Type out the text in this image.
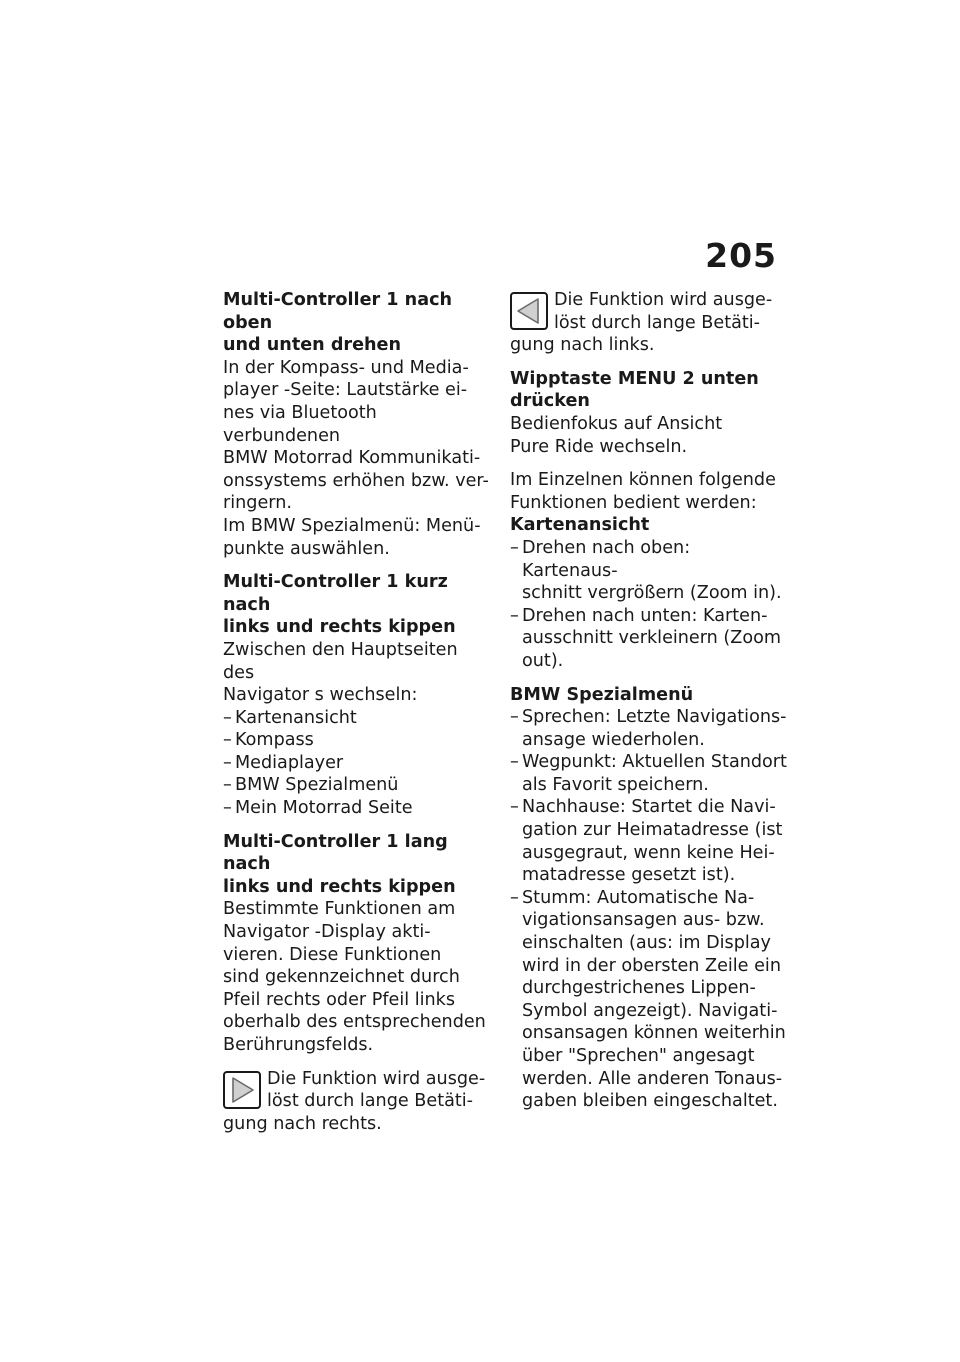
205
Multi-Controller 1 nach oben
und unten drehen

In der Kompass- und Media-
player -Seite: Lautstärke ei-
nes via Bluetooth verbundenen
BMW Motorrad Kommunikati-
onssystems erhöhen bzw. ver-
ringern.
Im BMW Spezialmenü: Menü-
punkte auswählen.

Multi-Controller 1 kurz nach
links und rechts kippen

Zwischen den Hauptseiten des
Navigator s wechseln:

– Kartenansicht
– Kompass
– Mediaplayer
– BMW Spezialmenü
– Mein Motorrad Seite
Multi-Controller 1 lang nach
links und rechts kippen

Bestimmte Funktionen am
Navigator -Display akti-
vieren. Diese Funktionen
sind gekennzeichnet durch
Pfeil rechts oder Pfeil links
oberhalb des entsprechenden
Berührungsfelds.

Die Funktion wird ausge-
löst durch lange Betäti-
gung nach rechts.
Die Funktion wird ausge-
löst durch lange Betäti-
gung nach links.
Wipptaste MENU 2 unten
drücken

Bedienfokus auf Ansicht
Pure Ride wechseln.

Im Einzelnen können folgende
Funktionen bedient werden:

Kartenansicht
– Drehen nach oben: Kartenaus-
schnitt vergrößern (Zoom in).
– Drehen nach unten: Karten-
ausschnitt verkleinern (Zoom
out).
BMW Spezialmenü
– Sprechen: Letzte Navigations-
ansage wiederholen.
– Wegpunkt: Aktuellen Standort
als Favorit speichern.
– Nachhause: Startet die Navi-
gation zur Heimatadresse (ist
ausgegraut, wenn keine Hei-
matadresse gesetzt ist).
– Stumm: Automatische Na-
vigationsansagen aus- bzw.
einschalten (aus: im Display
wird in der obersten Zeile ein
durchgestrichenes Lippen-
Symbol angezeigt). Navigati-
onsansagen können weiterhin
über "Sprechen" angesagt
werden. Alle anderen Tonaus-
gaben bleiben eingeschaltet.
